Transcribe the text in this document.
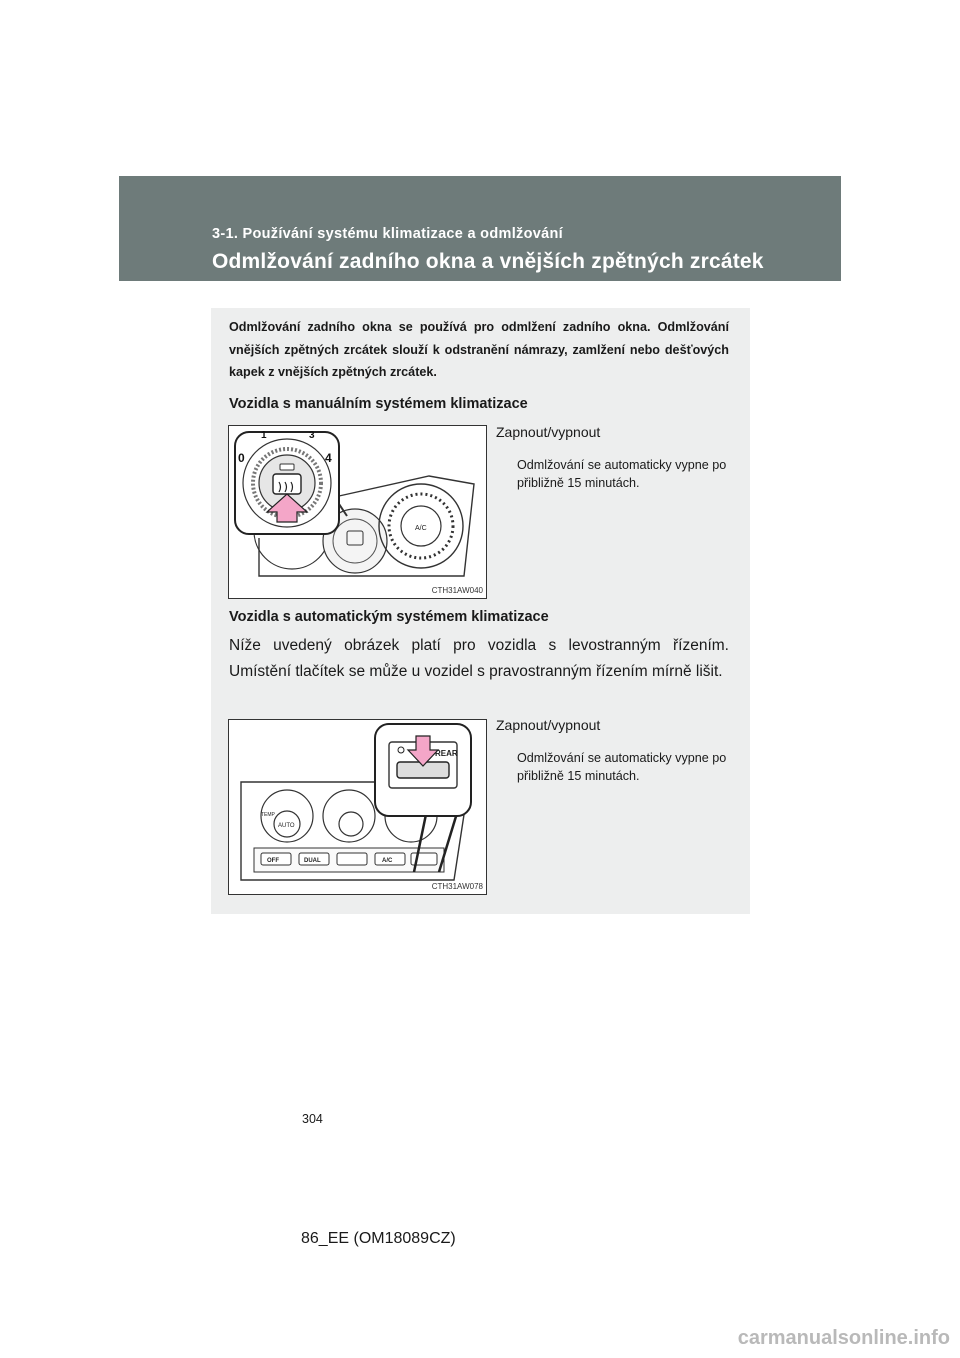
3-1. Používání systému klimatizace a odmlžování
Odmlžování zadního okna a vnějších zpětných zrcátek
Odmlžování zadního okna se používá pro odmlžení zadního okna. Odmlžování vnějších zpětných zrcátek slouží k odstranění námrazy, zamlžení nebo dešťových kapek z vnějších zpětných zrcátek.
Vozidla s manuálním systémem klimatizace
A/C
0
1	3
4
CTH31AW040
Zapnout/vypnout
Odmlžování se automaticky vypne po přibližně 15 minutách.
Vozidla s automatickým systémem klimatizace
Níže uvedený obrázek platí pro vozidla s levostranným řízením. Umístění tlačítek se může u vozidel s pravostranným řízením mírně lišit.
AUTO
TEMP
OFF	DUAL	A/C
REAR
CTH31AW078
Zapnout/vypnout
Odmlžování se automaticky vypne po přibližně 15 minutách.
304
86_EE (OM18089CZ)
carmanualsonline.info
